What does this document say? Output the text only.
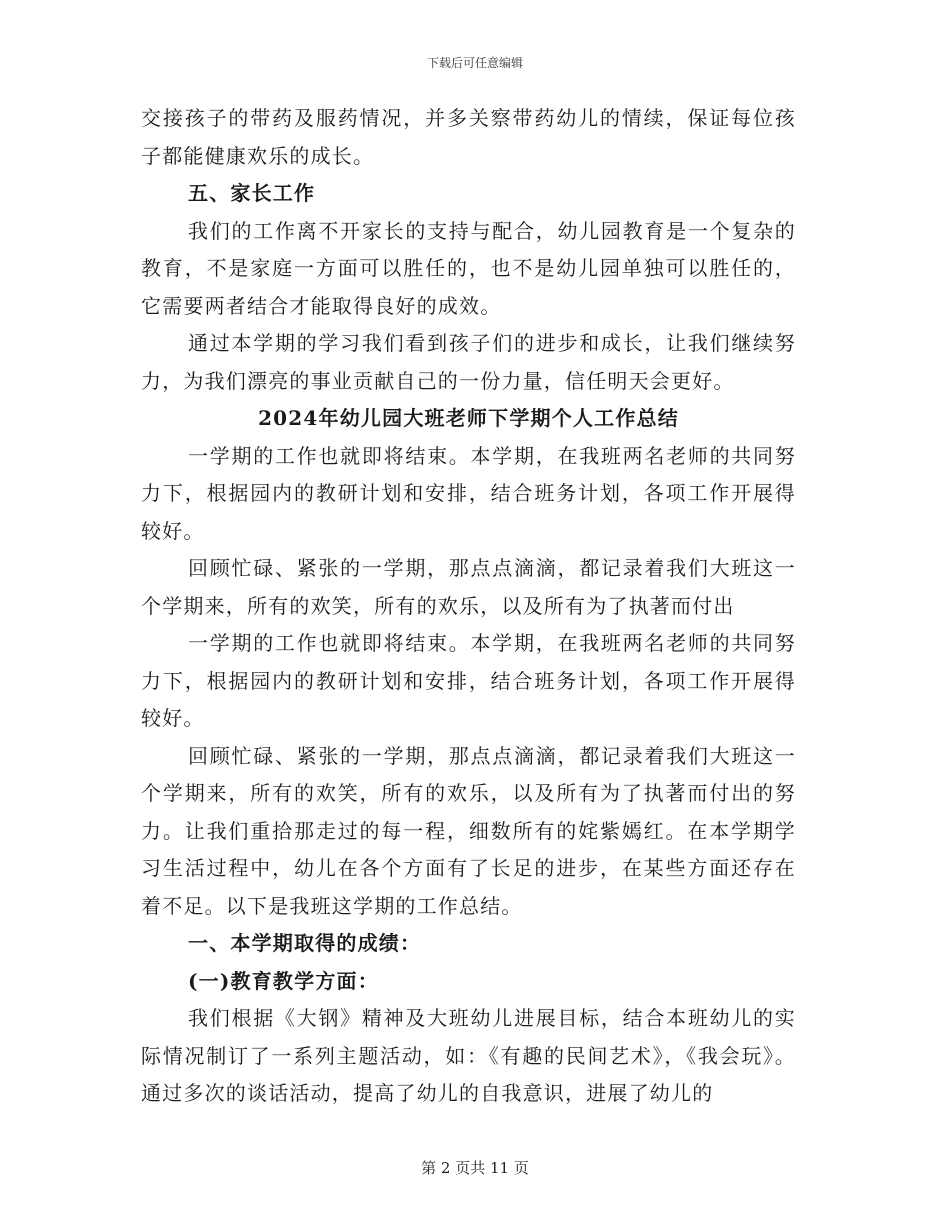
下载后可任意编辑

交接孩子的带药及服药情况，并多关察带药幼儿的情续，保证每位孩子都能健康欢乐的成长。

五、家长工作

我们的工作离不开家长的支持与配合，幼儿园教育是一个复杂的教育，不是家庭一方面可以胜任的，也不是幼儿园单独可以胜任的，它需要两者结合才能取得良好的成效。

通过本学期的学习我们看到孩子们的进步和成长，让我们继续努力，为我们漂亮的事业贡献自己的一份力量，信任明天会更好。

2024年幼儿园大班老师下学期个人工作总结

一学期的工作也就即将结束。本学期，在我班两名老师的共同努力下，根据园内的教研计划和安排，结合班务计划，各项工作开展得较好。

回顾忙碌、紧张的一学期，那点点滴滴，都记录着我们大班这一个学期来，所有的欢笑，所有的欢乐，以及所有为了执著而付出

一学期的工作也就即将结束。本学期，在我班两名老师的共同努力下，根据园内的教研计划和安排，结合班务计划，各项工作开展得较好。

回顾忙碌、紧张的一学期，那点点滴滴，都记录着我们大班这一个学期来，所有的欢笑，所有的欢乐，以及所有为了执著而付出的努力。让我们重拾那走过的每一程，细数所有的姹紫嫣红。在本学期学习生活过程中，幼儿在各个方面有了长足的进步，在某些方面还存在着不足。以下是我班这学期的工作总结。

一、本学期取得的成绩：

(一)教育教学方面：

我们根据《大钢》精神及大班幼儿进展目标，结合本班幼儿的实际情况制订了一系列主题活动，如：《有趣的民间艺术》，《我会玩》。通过多次的谈话活动，提高了幼儿的自我意识，进展了幼儿的

第 2 页共 11 页
